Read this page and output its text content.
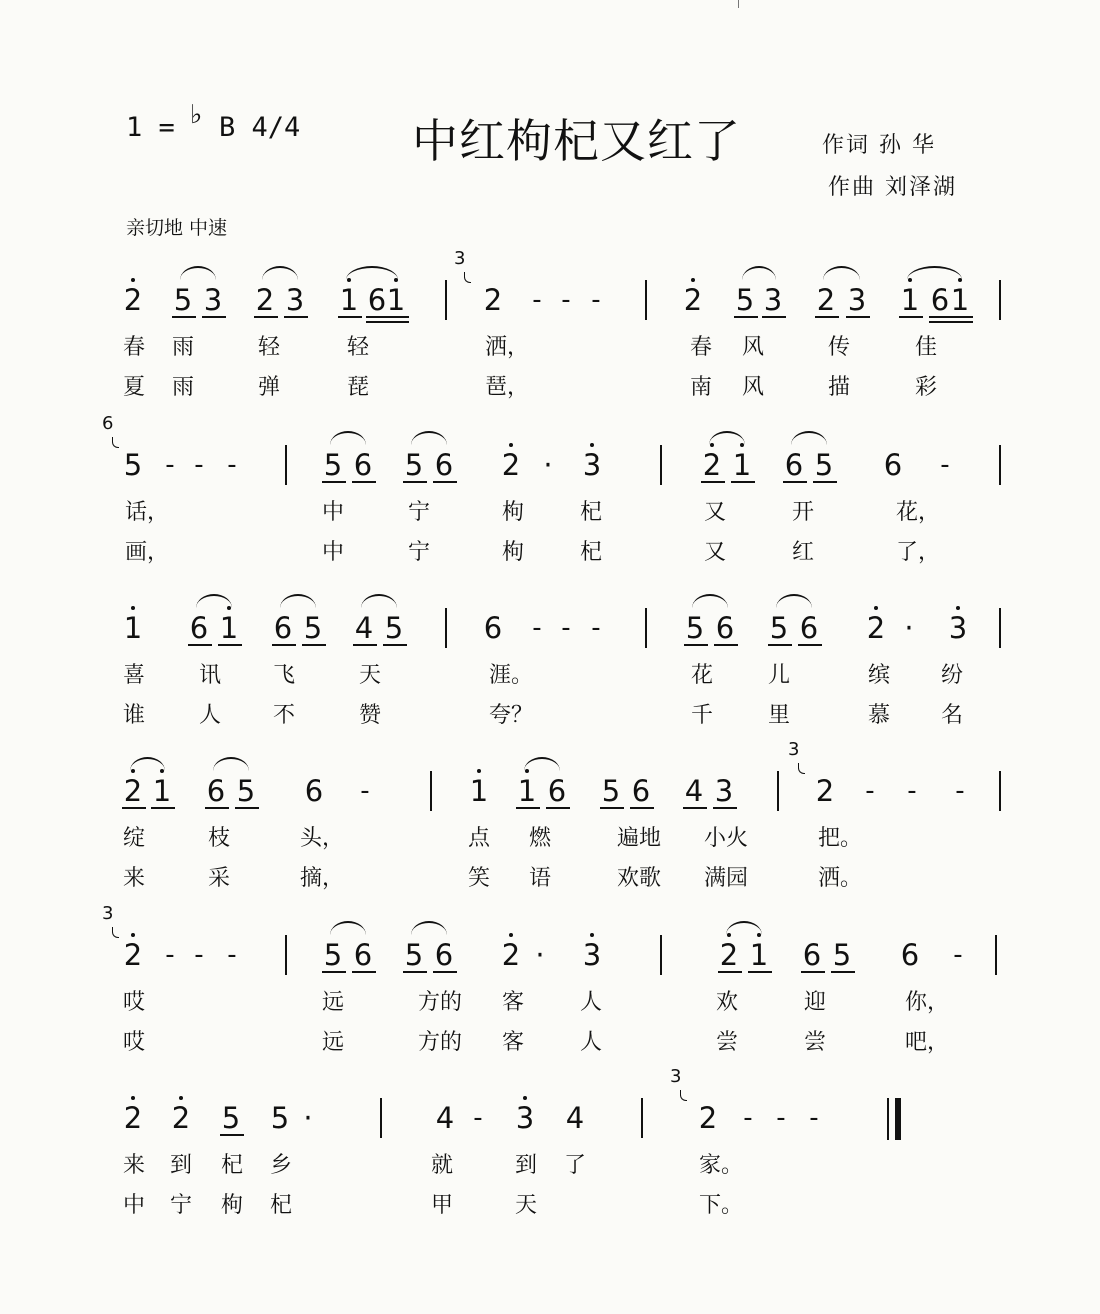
1 = B 4/4
♭	中红枸杞又红了	作词 孙 华
作曲 刘泽湖
亲切地 中速
2 5 3 2 3 1 6 1	2 - - -	2 5 3 2 3 1 6 1
3
春 雨	轻	轻	洒，	春 风	传	佳
夏 雨	弹	琵	琶，	南 风	描	彩
5 - - -	5 6 5 6 2 · 3	2 1 6 5 6 -
6
话，	中	宁	枸	杞	又	开	花，
画，	中	宁	枸	杞	又	红	了，
1 6 1 6 5 4 5	6 - - -	5 6 5 6 2 · 3
喜 讯 飞	天	涯。	花 儿	缤 纷
谁 人 不	赞	夸？	千 里	慕 名
2 1 6 5 6 -	1 1 6 5 6 4 3	2 - - -
3
绽	枝	头，	点 燃	遍地 小火	把。
来	采	摘，	笑 语	欢歌 满园	洒。
2 - - -	5 6 5 6 2 · 3	2 1 6 5 6 -
3
哎	远	方的 客	人	欢	迎	你，
哎	远	方的 客	人	尝	尝	吧，
2 2 5 5 ·	4 - 3 4	2 - - -
3
来 到 杞 乡	就	到 了	家。
中 宁 枸 杞	甲	天	下。
